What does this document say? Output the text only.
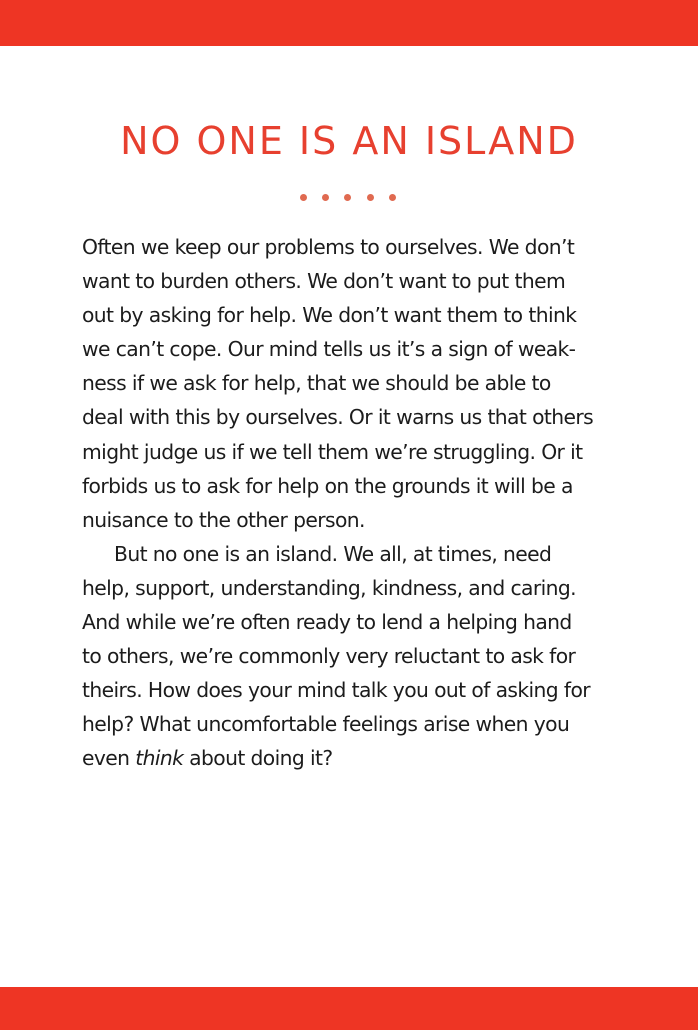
NO ONE IS AN ISLAND
Often we keep our problems to ourselves. We don’t
want to burden others. We don’t want to put them
out by asking for help. We don’t want them to think
we can’t cope. Our mind tells us it’s a sign of weak-
ness if we ask for help, that we should be able to
deal with this by ourselves. Or it warns us that others
might judge us if we tell them we’re struggling. Or it
forbids us to ask for help on the grounds it will be a
nuisance to the other person.
But no one is an island. We all, at times, need
help, support, understanding, kindness, and caring.
And while we’re often ready to lend a helping hand
to others, we’re commonly very reluctant to ask for
theirs. How does your mind talk you out of asking for
help? What uncomfortable feelings arise when you
even think about doing it?
